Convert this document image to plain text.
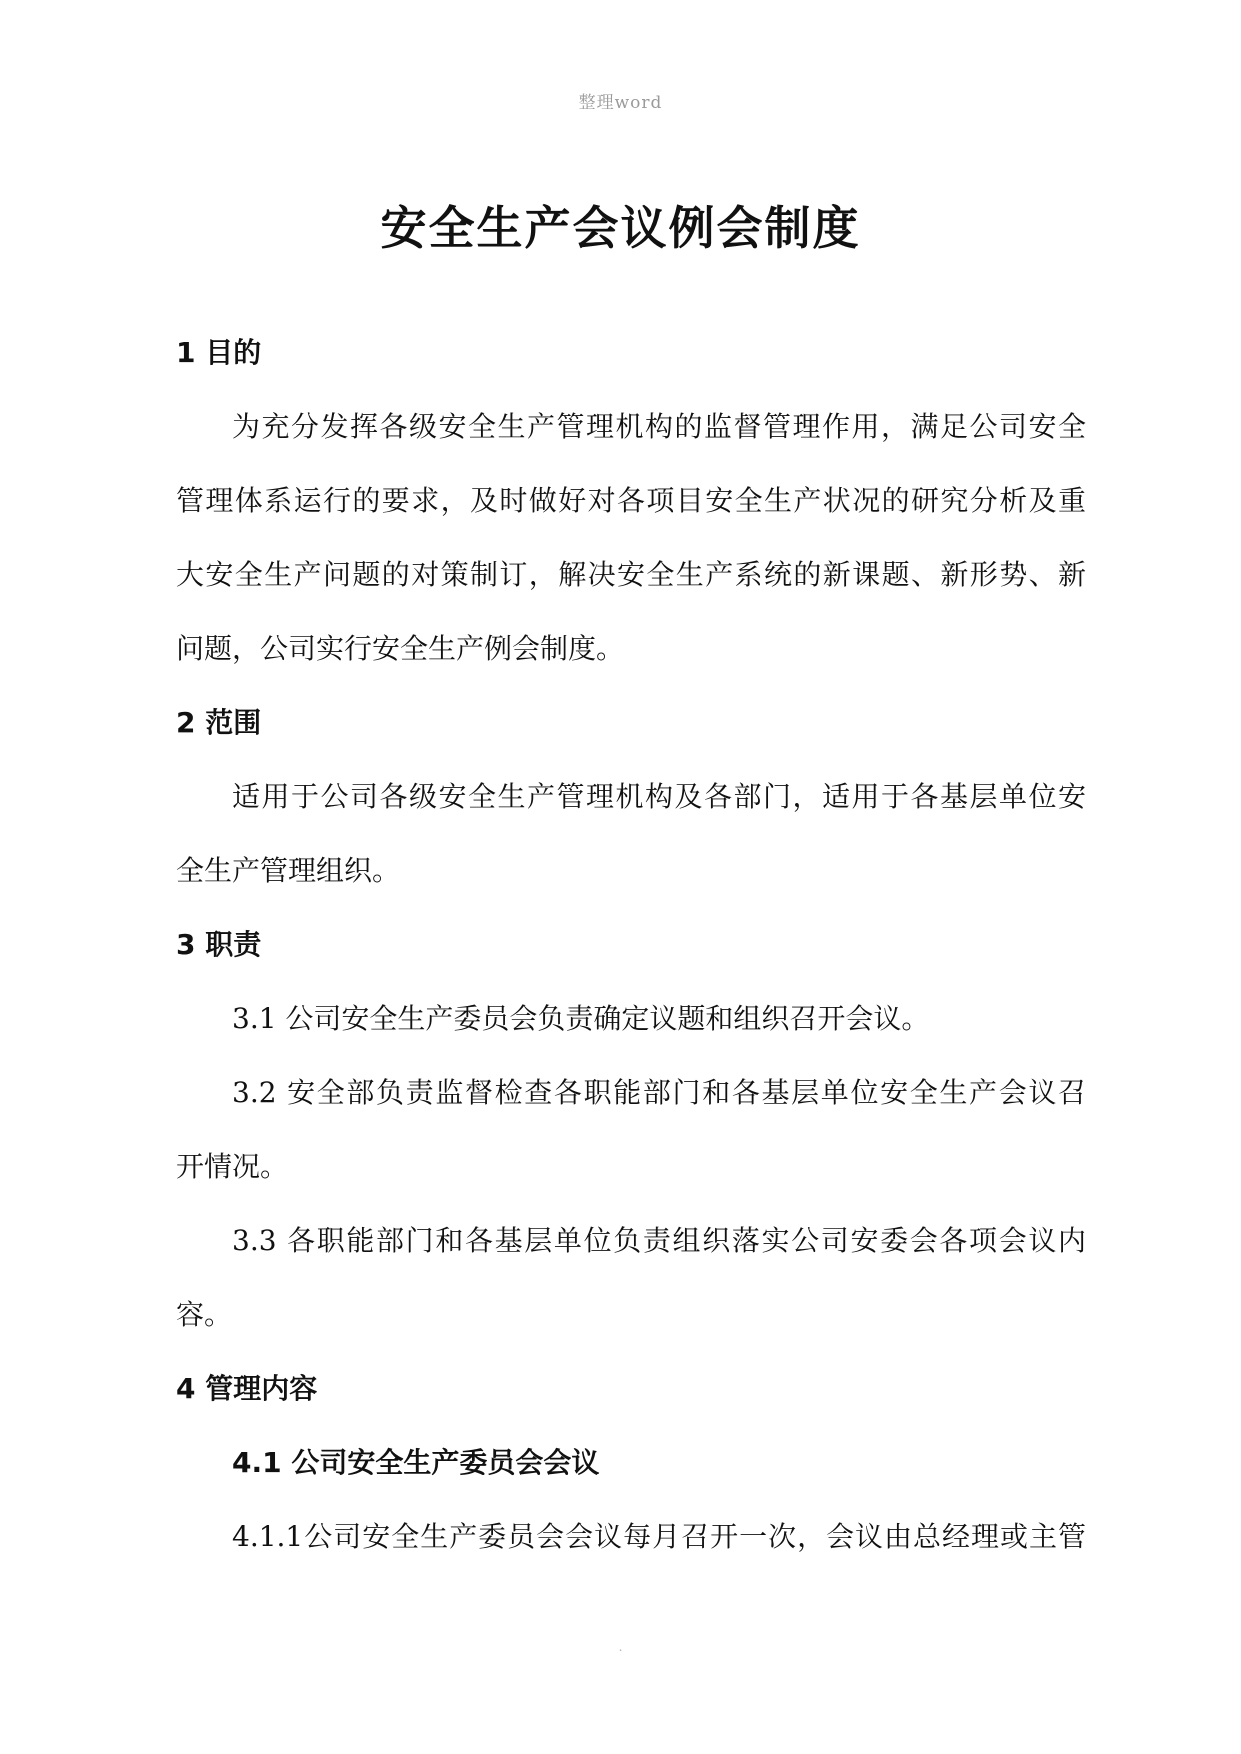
整理word
安全生产会议例会制度
1 目的
为充分发挥各级安全生产管理机构的监督管理作用，满足公司安全
管理体系运行的要求，及时做好对各项目安全生产状况的研究分析及重
大安全生产问题的对策制订，解决安全生产系统的新课题、新形势、新
问题，公司实行安全生产例会制度。
2 范围
适用于公司各级安全生产管理机构及各部门，适用于各基层单位安
全生产管理组织。
3 职责
3.1 公司安全生产委员会负责确定议题和组织召开会议。
3.2 安全部负责监督检查各职能部门和各基层单位安全生产会议召
开情况。
3.3 各职能部门和各基层单位负责组织落实公司安委会各项会议内
容。
4 管理内容
4.1 公司安全生产委员会会议
4.1.1公司安全生产委员会会议每月召开一次，会议由总经理或主管
.
